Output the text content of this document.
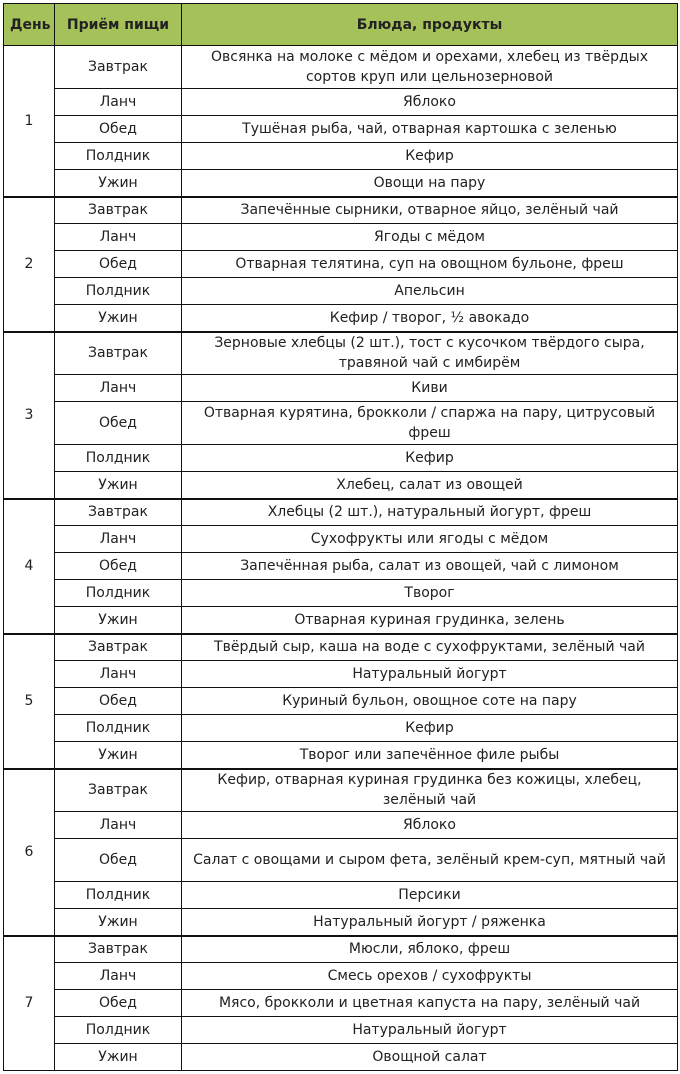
День	Приём пищи	Блюда, продукты
1	Завтрак	Овсянка на молоке с мёдом и орехами, хлебец из твёрдых сортов круп или цельнозерновой
	Ланч	Яблоко
	Обед	Тушёная рыба, чай, отварная картошка с зеленью
	Полдник	Кефир
	Ужин	Овощи на пару
2	Завтрак	Запечённые сырники, отварное яйцо, зелёный чай
	Ланч	Ягоды с мёдом
	Обед	Отварная телятина, суп на овощном бульоне, фреш
	Полдник	Апельсин
	Ужин	Кефир / творог, ½ авокадо
3	Завтрак	Зерновые хлебцы (2 шт.), тост с кусочком твёрдого сыра, травяной чай с имбирём
	Ланч	Киви
	Обед	Отварная курятина, брокколи / спаржа на пару, цитрусовый фреш
	Полдник	Кефир
	Ужин	Хлебец, салат из овощей
4	Завтрак	Хлебцы (2 шт.), натуральный йогурт, фреш
	Ланч	Сухофрукты или ягоды с мёдом
	Обед	Запечённая рыба, салат из овощей, чай с лимоном
	Полдник	Творог
	Ужин	Отварная куриная грудинка, зелень
5	Завтрак	Твёрдый сыр, каша на воде с сухофруктами, зелёный чай
	Ланч	Натуральный йогурт
	Обед	Куриный бульон, овощное соте на пару
	Полдник	Кефир
	Ужин	Творог или запечённое филе рыбы
6	Завтрак	Кефир, отварная куриная грудинка без кожицы, хлебец, зелёный чай
	Ланч	Яблоко
	Обед	Салат с овощами и сыром фета, зелёный крем-суп, мятный чай
	Полдник	Персики
	Ужин	Натуральный йогурт / ряженка
7	Завтрак	Мюсли, яблоко, фреш
	Ланч	Смесь орехов / сухофрукты
	Обед	Мясо, брокколи и цветная капуста на пару, зелёный чай
	Полдник	Натуральный йогурт
	Ужин	Овощной салат
